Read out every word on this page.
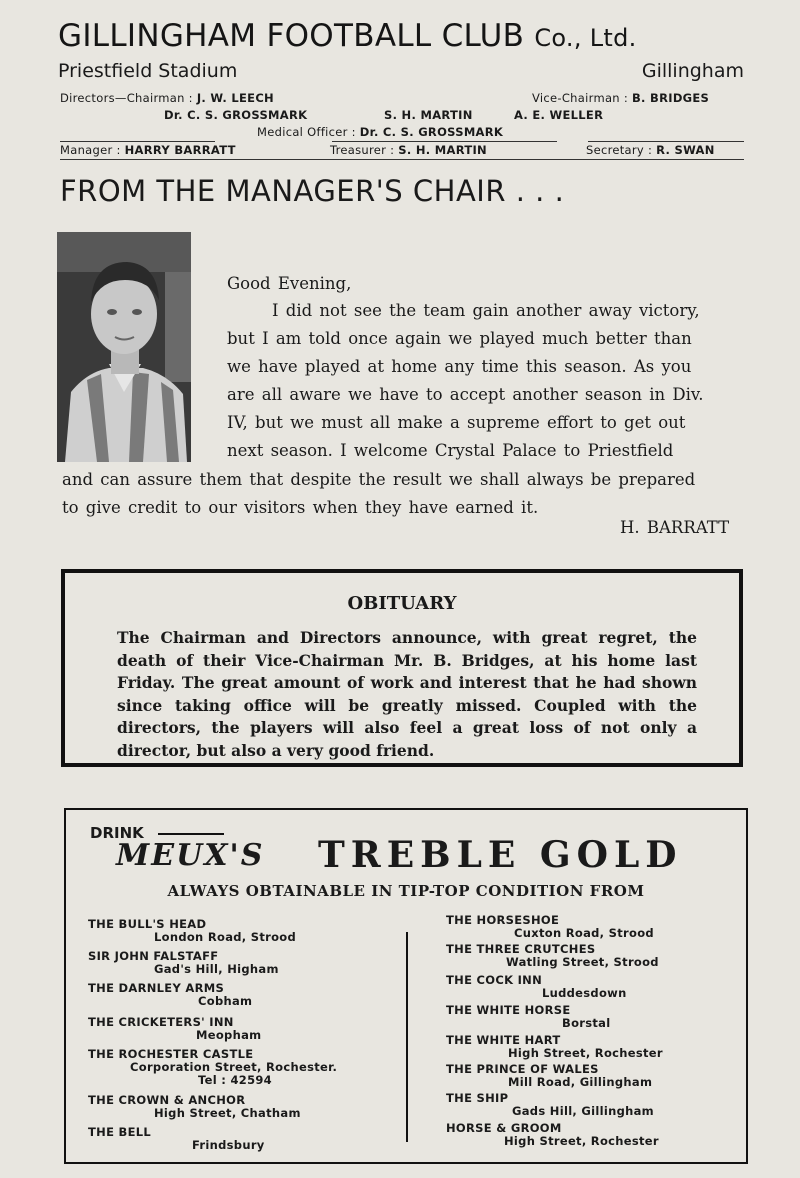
GILLINGHAM FOOTBALL CLUB Co., Ltd.
Priestfield Stadium	Gillingham
Directors—Chairman : J. W. LEECH	Vice-Chairman : B. BRIDGES
Dr. C. S. GROSSMARK	S. H. MARTIN	A. E. WELLER
Medical Officer : Dr. C. S. GROSSMARK
Manager : HARRY BARRATT	Treasurer : S. H. MARTIN	Secretary : R. SWAN
FROM THE MANAGER'S CHAIR . . .

Good Evening,

I did not see the team gain another away victory,

but I am told once again we played much better than

we have played at home any time this season. As you

are all aware we have to accept another season in Div.

IV, but we must all make a supreme effort to get out

next season. I welcome Crystal Palace to Priestfield

and can assure them that despite the result we shall always be prepared

to give credit to our visitors when they have earned it.

H. BARRATT

OBITUARY
The Chairman and Directors announce, with great regret, the death of their Vice-Chairman Mr. B. Bridges, at his home last Friday. The great amount of work and interest that he had shown since taking office will be greatly missed. Coupled with the directors, the players will also feel a great loss of not only a director, but also a very good friend.
DRINK
MEUX'S TREBLE GOLD
ALWAYS OBTAINABLE IN TIP-TOP CONDITION FROM
THE BULL'S HEAD
London Road, Strood
SIR JOHN FALSTAFF
Gad's Hill, Higham
THE DARNLEY ARMS
Cobham
THE CRICKETERS' INN
Meopham
THE ROCHESTER CASTLE
Corporation Street, Rochester.
Tel : 42594
THE CROWN & ANCHOR
High Street, Chatham
THE BELL
Frindsbury
THE HORSESHOE
Cuxton Road, Strood
THE THREE CRUTCHES
Watling Street, Strood
THE COCK INN
Luddesdown
THE WHITE HORSE
Borstal
THE WHITE HART
High Street, Rochester
THE PRINCE OF WALES
Mill Road, Gillingham
THE SHIP
Gads Hill, Gillingham
HORSE & GROOM
High Street, Rochester
